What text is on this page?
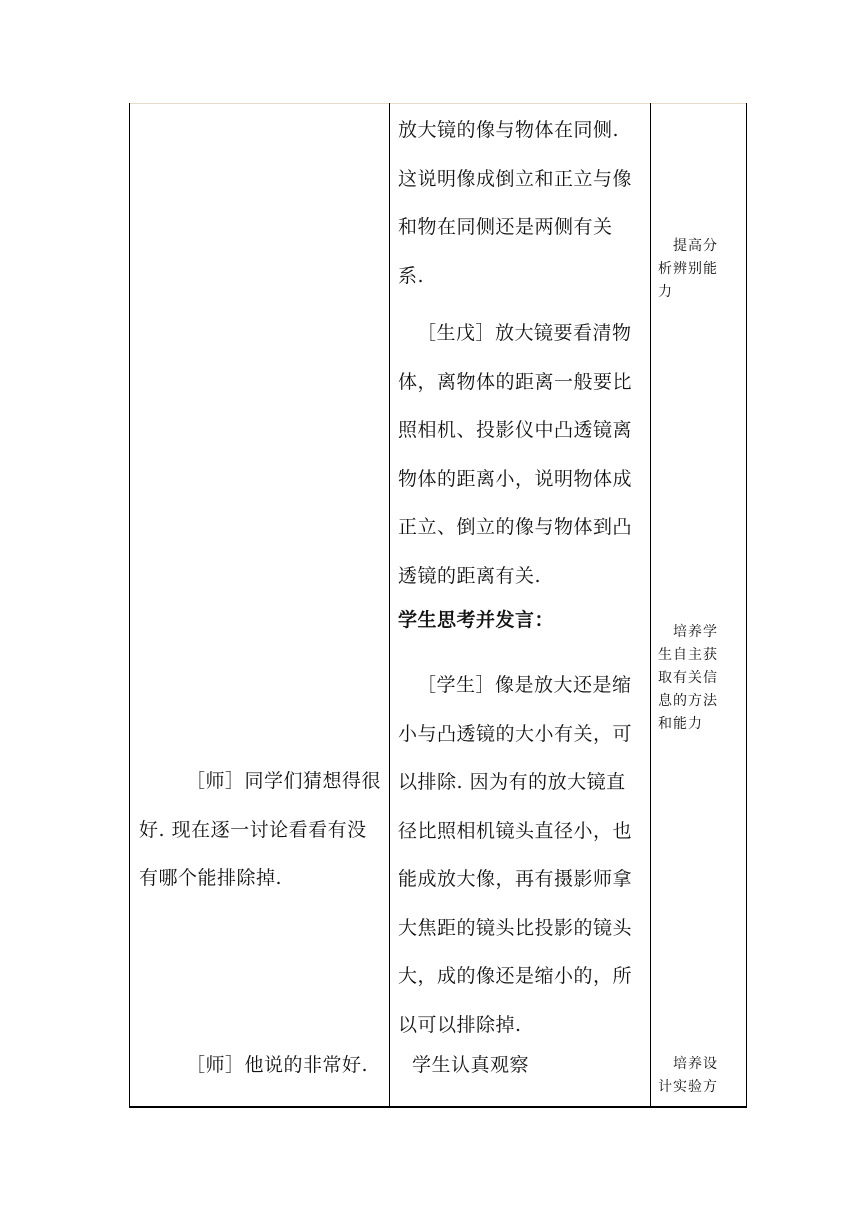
［师］同学们猜想得很

好. 现在逐一讨论看看有没

有哪个能排除掉.

［师］他说的非常好.

放大镜的像与物体在同侧.

这说明像成倒立和正立与像

和物在同侧还是两侧有关

系.

［生戊］放大镜要看清物

体，离物体的距离一般要比

照相机、投影仪中凸透镜离

物体的距离小，说明物体成

正立、倒立的像与物体到凸

透镜的距离有关.

学生思考并发言：

［学生］像是放大还是缩

小与凸透镜的大小有关，可

以排除. 因为有的放大镜直

径比照相机镜头直径小，也

能成放大像，再有摄影师拿

大焦距的镜头比投影的镜头

大，成的像还是缩小的，所

以可以排除掉.

学生认真观察

提高分

析辨别能

力

培养学

生自主获

取有关信

息的方法

和能力

培养设

计实验方
